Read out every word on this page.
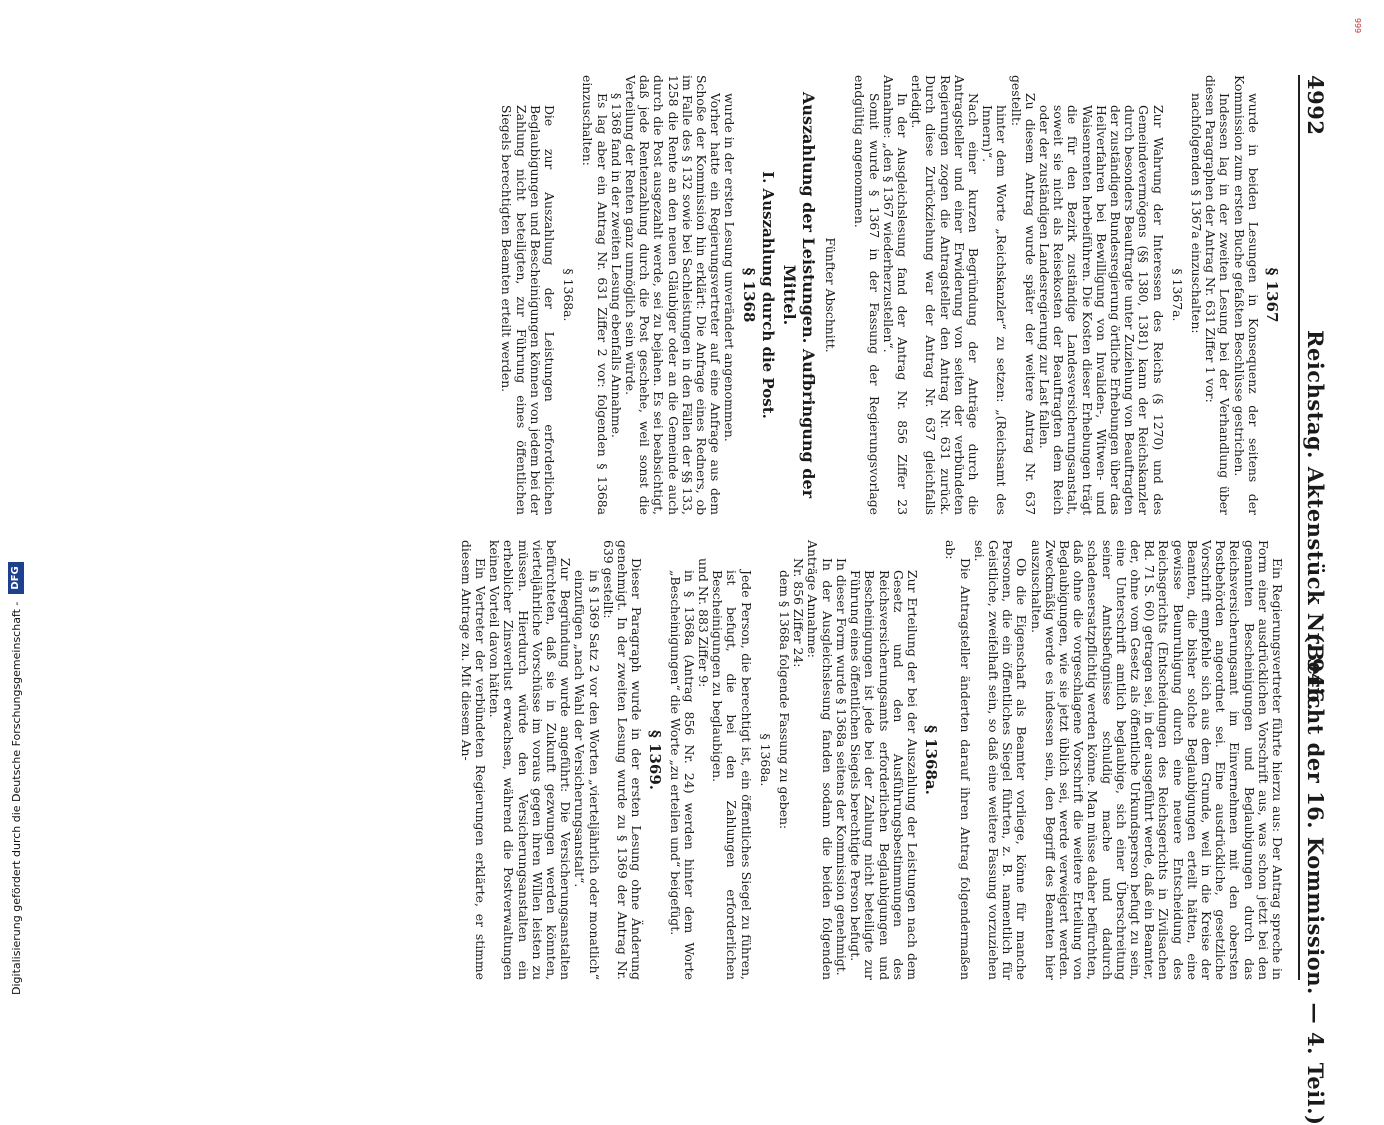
4992
Reichstag. Aktenstück Nr. 946.
(Bericht der 16. Kommission. — 4. Teil.)

§ 1367

wurde in beiden Lesungen in Konsequenz der seitens der Kommission zum ersten Buche gefaßten Beschlüsse gestrichen.

Indessen lag in der zweiten Lesung bei der Verhandlung über diesen Paragraphen der Antrag Nr. 631 Ziffer 1 vor:

nachfolgenden § 1367a einzuschalten:

§ 1367a.

Zur Wahrung der Interessen des Reichs (§ 1270) und des Gemeindevermögens (§§ 1380, 1381) kann der Reichskanzler durch besonders Beauftragte unter Zuziehung von Beauftragten der zuständigen Bundesregierung örtliche Erhebungen über das Heilverfahren bei Bewilligung von Invaliden-, Witwen- und Waisenrenten herbeiführen. Die Kosten dieser Erhebungen trägt die für den Bezirk zuständige Landesversicherungsanstalt, soweit sie nicht als Reisekosten der Beauftragten dem Reich oder der zuständigen Landesregierung zur Last fallen.

Zu diesem Antrag wurde später der weitere Antrag Nr. 637 gestellt:

hinter dem Worte „Reichskanzler“ zu setzen: „(Reichsamt des Innern)“.

Nach einer kurzen Begründung der Anträge durch die Antragsteller und einer Erwiderung von seiten der verbündeten Regierungen zogen die Antragsteller den Antrag Nr. 631 zurück. Durch diese Zurückziehung war der Antrag Nr. 637 gleichfalls erledigt.

In der Ausgleichslesung fand der Antrag Nr. 856 Ziffer 23 Annahme: „den § 1367 wiederherzustellen“.

Somit wurde § 1367 in der Fassung der Regierungsvorlage endgültig angenommen.

Fünfter Abschnitt.

Auszahlung der Leistungen. Aufbringung der Mittel.

I. Auszahlung durch die Post.

§ 1368

wurde in der ersten Lesung unverändert angenommen.

Vorher hatte ein Regierungsvertreter auf eine Anfrage aus dem Schoße der Kommission hin erklärt: Die Anfrage eines Redners, ob im Falle des § 132 sowie bei Sachleistungen in den Fällen der §§ 133, 1258 die Rente an den neuen Gläubiger oder an die Gemeinde auch durch die Post ausgezahlt werde, sei zu bejahen. Es sei beabsichtigt, daß jede Rentenzahlung durch die Post geschehe, weil sonst die Verteilung der Renten ganz unmöglich sein würde.

§ 1368 fand in der zweiten Lesung ebenfalls Annahme.

Es lag aber ein Antrag Nr. 631 Ziffer 2 vor: folgenden § 1368a einzuschalten:

§ 1368a.

Die zur Auszahlung der Leistungen erforderlichen Beglaubigungen und Bescheinigungen können von jedem bei der Zahlung nicht beteiligten, zur Führung eines öffentlichen Siegels berechtigten Beamten erteilt werden.

Ein Regierungsvertreter führte hierzu aus: Der Antrag spreche in Form einer ausdrücklichen Vorschrift aus, was schon jetzt bei den genannten Bescheinigungen und Beglaubigungen durch das Reichsversicherungsamt im Einvernehmen mit den obersten Postbehörden angeordnet sei. Eine ausdrückliche, gesetzliche Vorschrift empfehle sich aus dem Grunde, weil in die Kreise der Beamten, die bisher solche Beglaubigungen erteilt hätten, eine gewisse Beunruhigung durch eine neuere Entscheidung des Reichsgerichts (Entscheidungen des Reichsgerichts in Zivilsachen Bd. 71 S. 60) getragen sei, in der ausgeführt werde, daß ein Beamter, der, ohne vom Gesetz als öffentliche Urkundsperson befugt zu sein, eine Unterschrift amtlich beglaubige, sich einer Überschreitung seiner Amtsbefugnisse schuldig mache und dadurch schadensersatzpflichtig werden könne. Man müsse daher befürchten, daß ohne die vorgeschlagene Vorschrift die weitere Erteilung von Beglaubigungen, wie sie jetzt üblich sei, werde verweigert werden. Zweckmäßig werde es indessen sein, den Begriff des Beamten hier auszuschalten.

Ob die Eigenschaft als Beamter vorliege, könne für manche Personen, die ein öffentliches Siegel führten, z. B. namentlich für Geistliche, zweifelhaft sein, so daß eine weitere Fassung vorzuziehen sei.

Die Antragsteller änderten darauf ihren Antrag folgendermaßen ab:

§ 1368a.

Zur Erteilung der bei der Auszahlung der Leistungen nach dem Gesetz und den Ausführungsbestimmungen des Reichsversicherungsamts erforderlichen Beglaubigungen und Bescheinigungen ist jede bei der Zahlung nicht beteiligte zur Führung eines öffentlichen Siegels berechtigte Person befugt.

In dieser Form wurde § 1368a seitens der Kommission genehmigt.

In der Ausgleichslesung fanden sodann die beiden folgenden Anträge Annahme:

Nr. 856 Ziffer 24:

dem § 1368a folgende Fassung zu geben:

§ 1368a.

Jede Person, die berechtigt ist, ein öffentliches Siegel zu führen, ist befugt, die bei den Zahlungen erforderlichen Bescheinigungen zu beglaubigen.

und Nr. 883 Ziffer 9:

in § 1368a (Antrag 856 Nr. 24) werden hinter dem Worte „Bescheinigungen“ die Worte „zu erteilen und“ beigefügt.

§ 1369.

Dieser Paragraph wurde in der ersten Lesung ohne Änderung genehmigt. In der zweiten Lesung wurde zu § 1369 der Antrag Nr. 639 gestellt:

in § 1369 Satz 2 vor den Worten „vierteljährlich oder monatlich“ einzufügen „nach Wahl der Versicherungsanstalt“.

Zur Begründung wurde angeführt: Die Versicherungsanstalten befürchteten, daß sie in Zukunft gezwungen werden könnten, vierteljährliche Vorschüsse im voraus gegen ihren Willen leisten zu müssen. Hierdurch würde den Versicherungsanstalten ein erheblicher Zinsverlust erwachsen, während die Postverwaltungen keinen Vorteil davon hätten.

Ein Vertreter der verbündeten Regierungen erklärte, er stimme diesem Antrage zu. Mit diesem An-

Digitalisierung gefördert durch die Deutsche Forschungsgemeinschaft -
DFG
999
